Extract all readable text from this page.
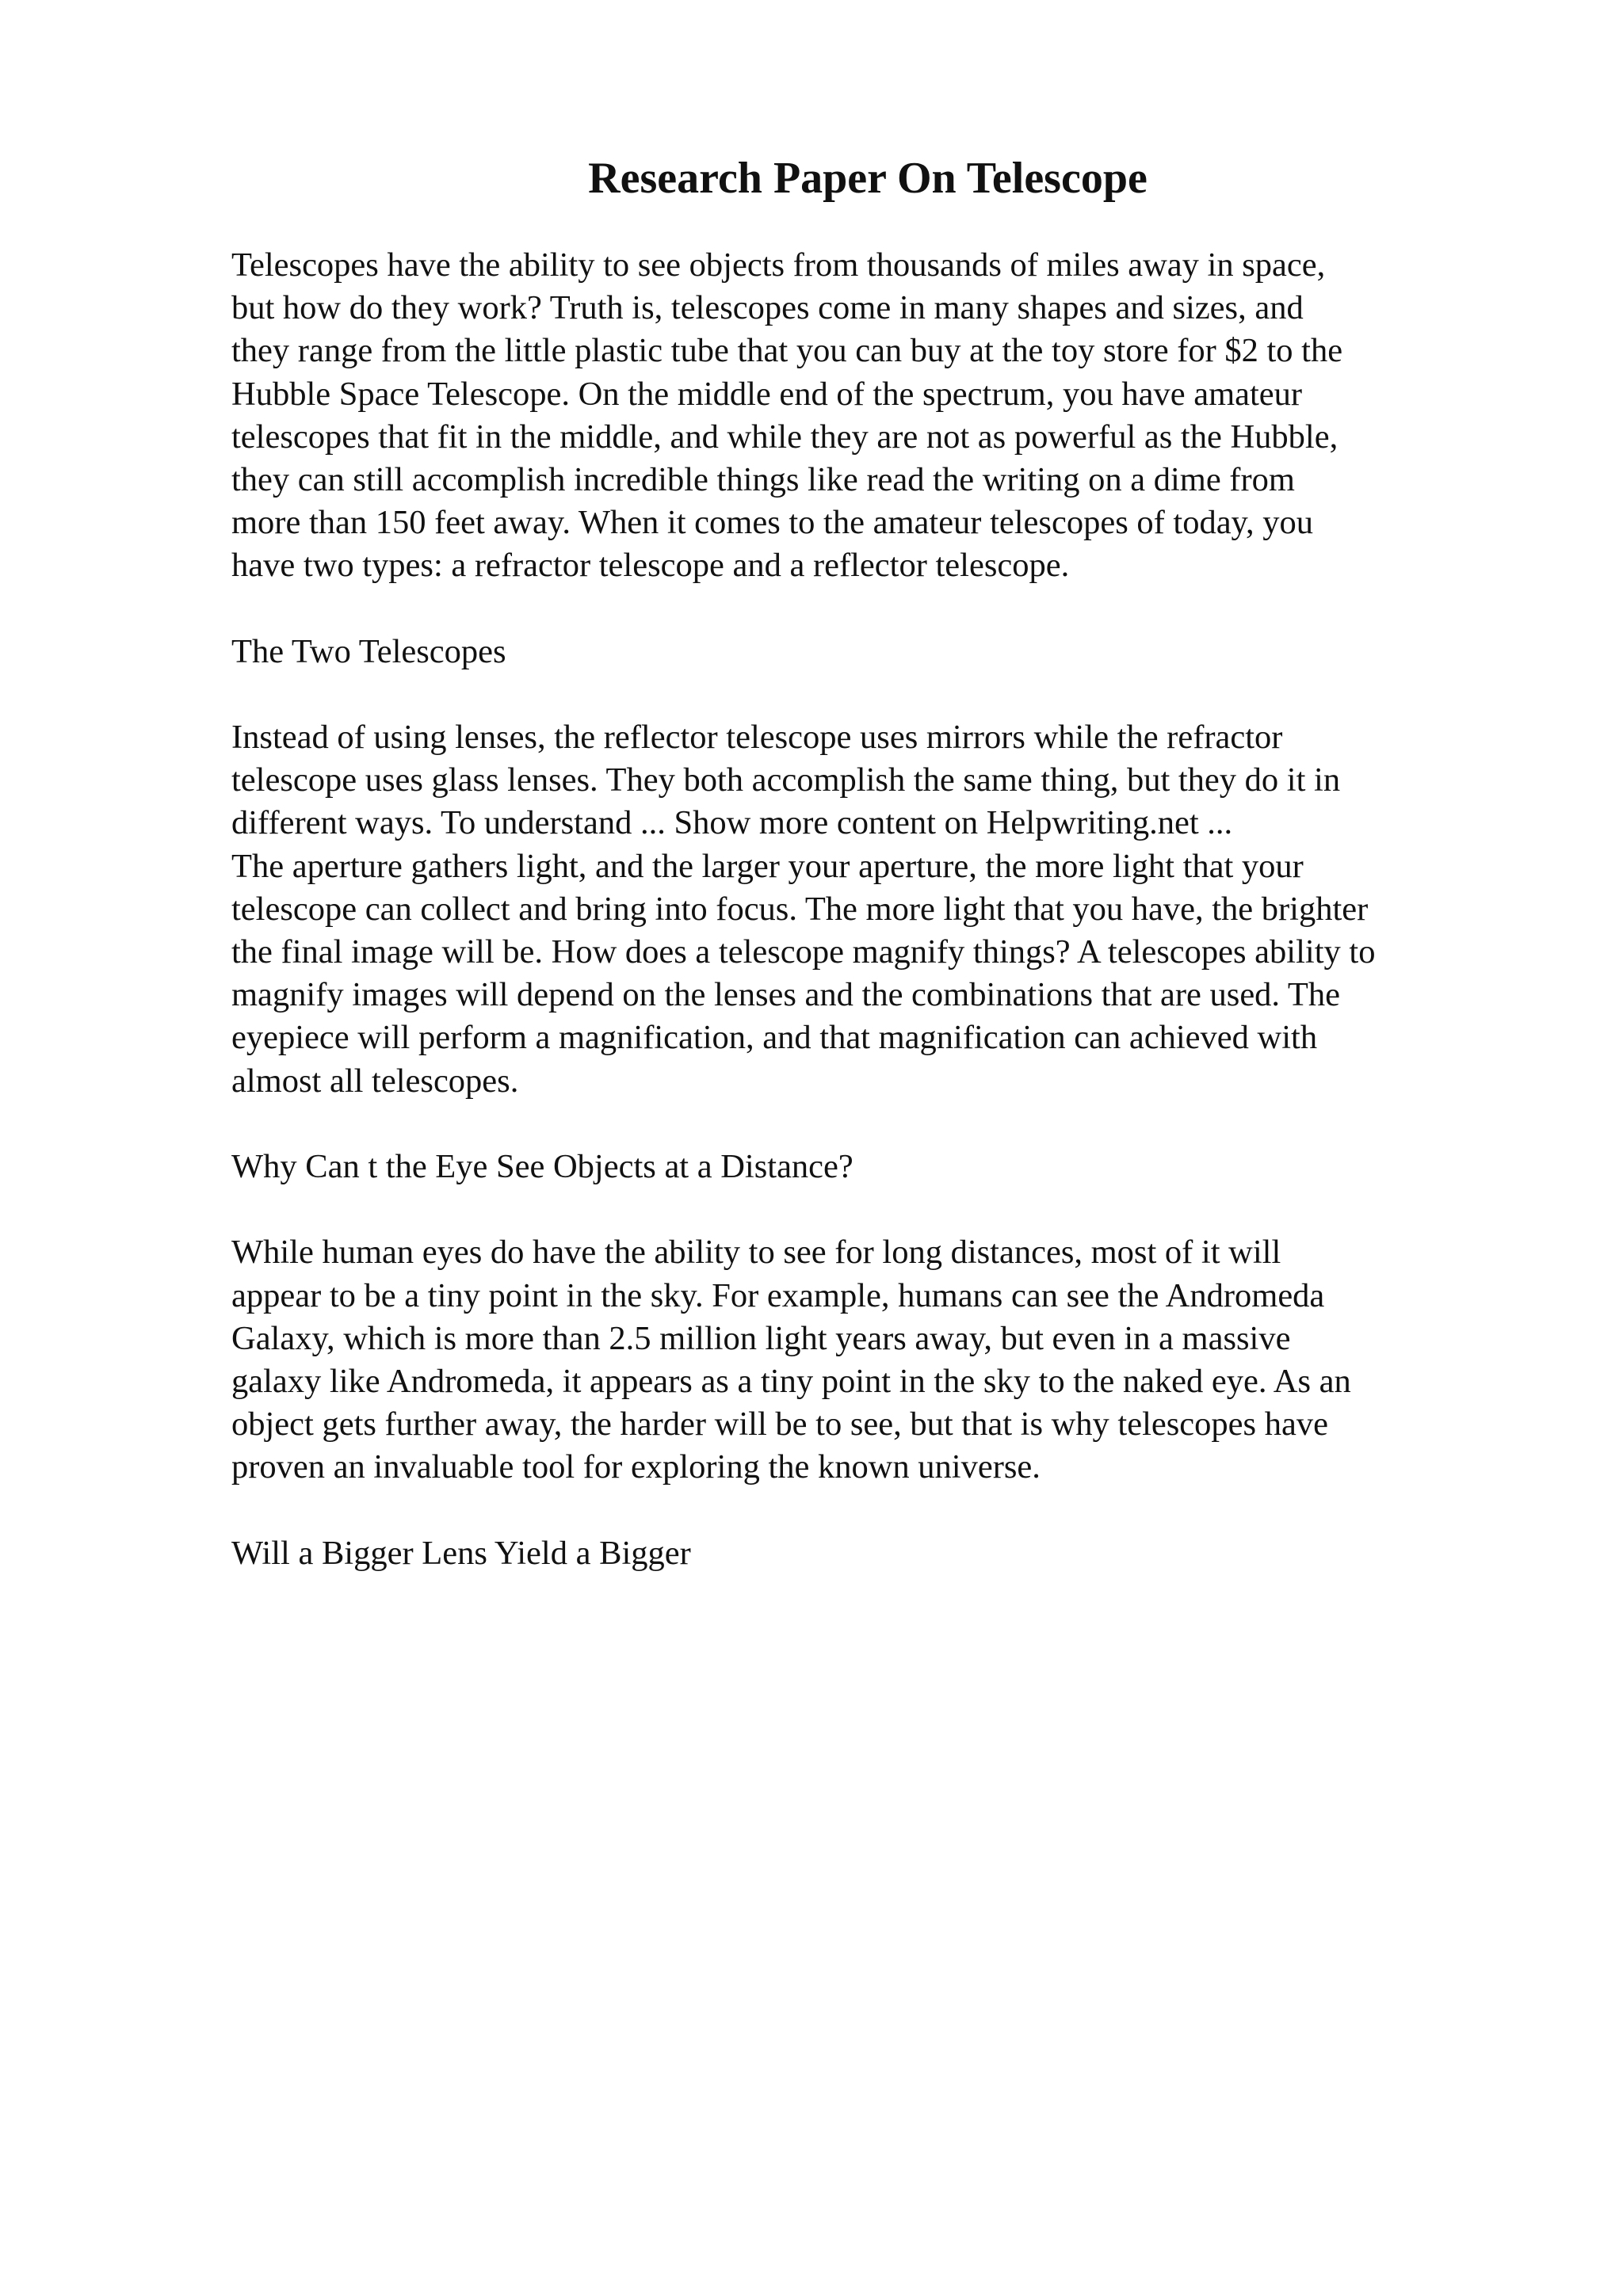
Research Paper On Telescope
Telescopes have the ability to see objects from thousands of miles away in space,
but how do they work? Truth is, telescopes come in many shapes and sizes, and
they range from the little plastic tube that you can buy at the toy store for $2 to the
Hubble Space Telescope. On the middle end of the spectrum, you have amateur
telescopes that fit in the middle, and while they are not as powerful as the Hubble,
they can still accomplish incredible things like read the writing on a dime from
more than 150 feet away. When it comes to the amateur telescopes of today, you
have two types: a refractor telescope and a reflector telescope.
The Two Telescopes
Instead of using lenses, the reflector telescope uses mirrors while the refractor
telescope uses glass lenses. They both accomplish the same thing, but they do it in
different ways. To understand ... Show more content on Helpwriting.net ...
The aperture gathers light, and the larger your aperture, the more light that your
telescope can collect and bring into focus. The more light that you have, the brighter
the final image will be. How does a telescope magnify things? A telescopes ability to
magnify images will depend on the lenses and the combinations that are used. The
eyepiece will perform a magnification, and that magnification can achieved with
almost all telescopes.
Why Can t the Eye See Objects at a Distance?
While human eyes do have the ability to see for long distances, most of it will
appear to be a tiny point in the sky. For example, humans can see the Andromeda
Galaxy, which is more than 2.5 million light years away, but even in a massive
galaxy like Andromeda, it appears as a tiny point in the sky to the naked eye. As an
object gets further away, the harder will be to see, but that is why telescopes have
proven an invaluable tool for exploring the known universe.
Will a Bigger Lens Yield a Bigger
